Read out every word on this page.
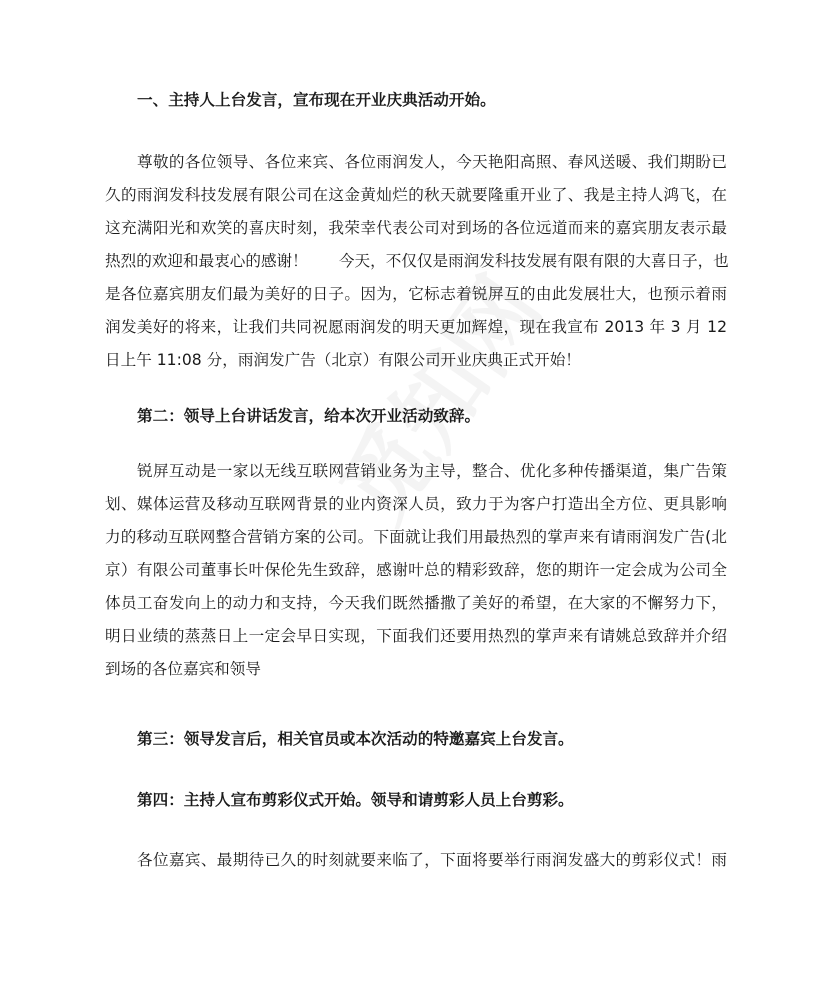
一、主持人上台发言，宣布现在开业庆典活动开始。
尊敬的各位领导、各位来宾、各位雨润发人，今天艳阳高照、春风送暖、我们期盼已
久的雨润发科技发展有限公司在这金黄灿烂的秋天就要隆重开业了、我是主持人鸿飞，在
这充满阳光和欢笑的喜庆时刻，我荣幸代表公司对到场的各位远道而来的嘉宾朋友表示最
热烈的欢迎和最衷心的感谢！　　今天，不仅仅是雨润发科技发展有限有限的大喜日子，也
是各位嘉宾朋友们最为美好的日子。因为，它标志着锐屏互的由此发展壮大，也预示着雨
润发美好的将来，让我们共同祝愿雨润发的明天更加辉煌，现在我宣布 2013 年 3 月 12
日上午 11:08 分，雨润发广告（北京）有限公司开业庆典正式开始！
第二：领导上台讲话发言，给本次开业活动致辞。
锐屏互动是一家以无线互联网营销业务为主导，整合、优化多种传播渠道，集广告策
划、媒体运营及移动互联网背景的业内资深人员，致力于为客户打造出全方位、更具影响
力的移动互联网整合营销方案的公司。下面就让我们用最热烈的掌声来有请雨润发广告(北
京）有限公司董事长叶保伦先生致辞，感谢叶总的精彩致辞，您的期许一定会成为公司全
体员工奋发向上的动力和支持，今天我们既然播撒了美好的希望，在大家的不懈努力下，
明日业绩的蒸蒸日上一定会早日实现，下面我们还要用热烈的掌声来有请姚总致辞并介绍
到场的各位嘉宾和领导
第三：领导发言后，相关官员或本次活动的特邀嘉宾上台发言。
第四：主持人宣布剪彩仪式开始。领导和请剪彩人员上台剪彩。
各位嘉宾、最期待已久的时刻就要来临了，下面将要举行雨润发盛大的剪彩仪式！雨
